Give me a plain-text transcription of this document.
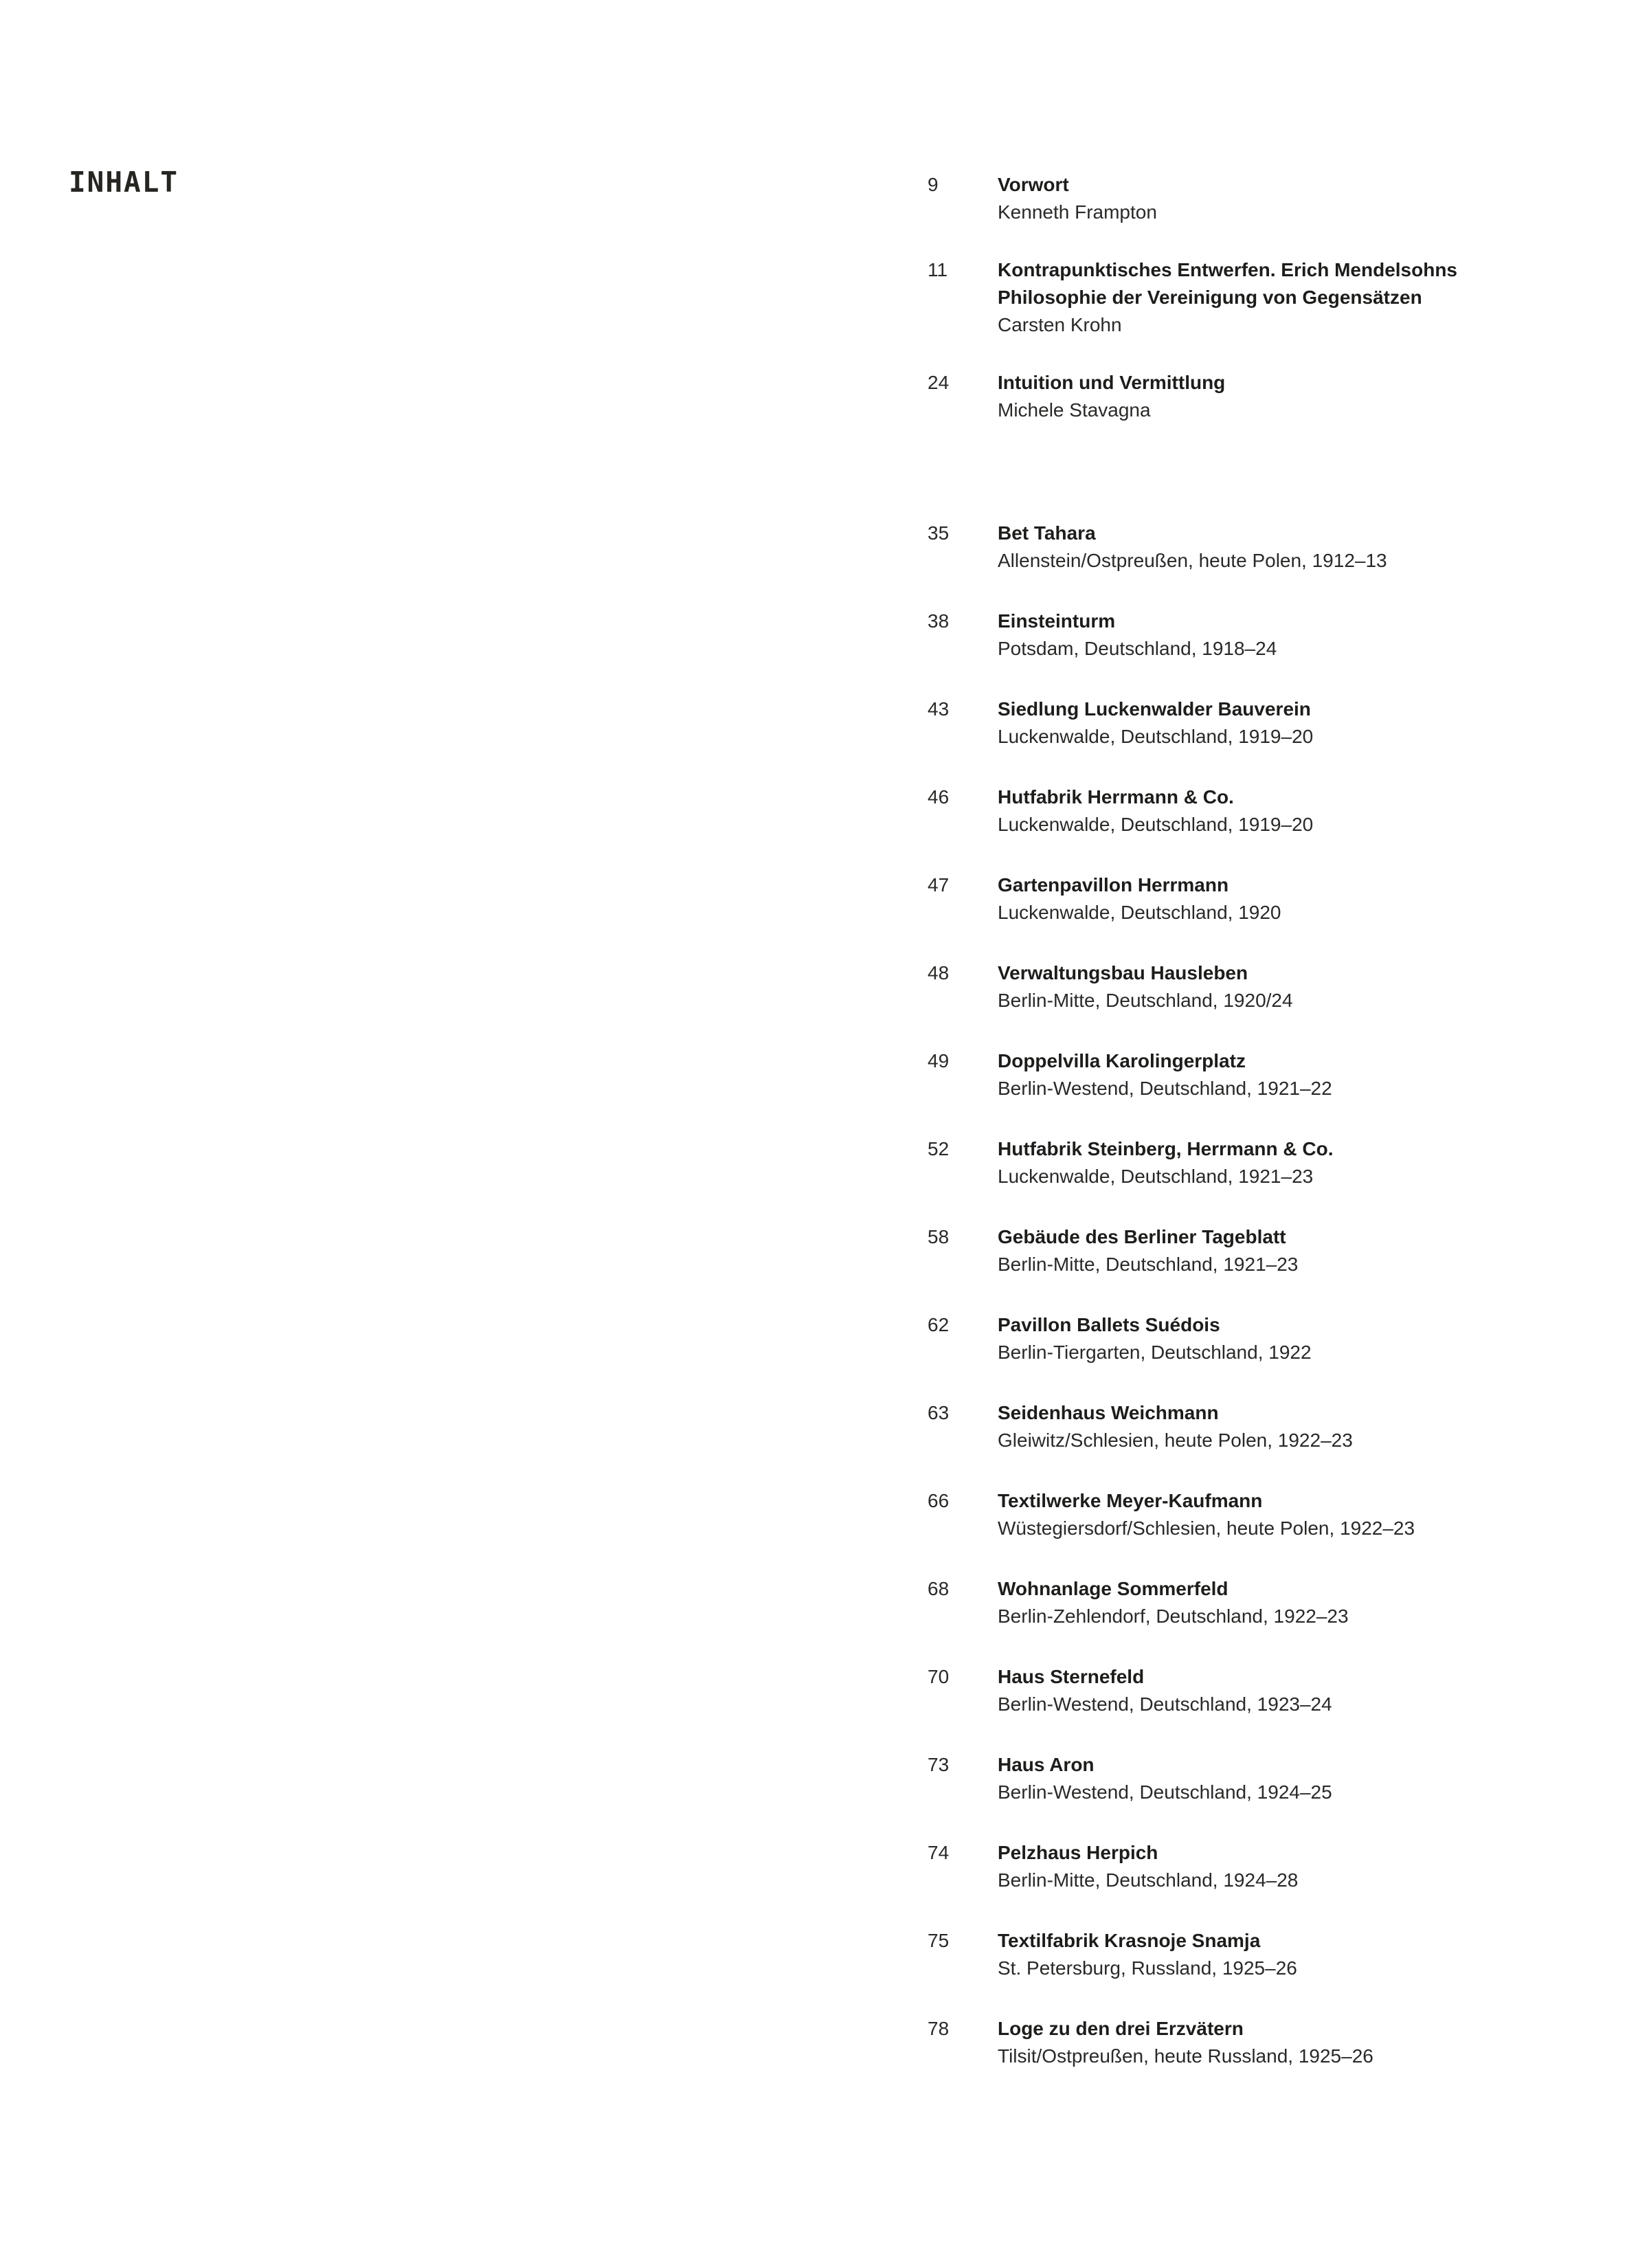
INHALT	9	Vorwort
Kenneth Frampton
11	Kontrapunktisches Entwerfen. Erich Mendelsohns
Philosophie der Vereinigung von Gegensätzen
Carsten Krohn
24	Intuition und Vermittlung
Michele Stavagna
35	Bet Tahara
Allenstein/Ostpreußen, heute Polen, 1912–13
38	Einsteinturm
Potsdam, Deutschland, 1918–24
43	Siedlung Luckenwalder Bauverein
Luckenwalde, Deutschland, 1919–20
46	Hutfabrik Herrmann & Co.
Luckenwalde, Deutschland, 1919–20
47	Gartenpavillon Herrmann
Luckenwalde, Deutschland, 1920
48	Verwaltungsbau Hausleben
Berlin-Mitte, Deutschland, 1920/24
49	Doppelvilla Karolingerplatz
Berlin-Westend, Deutschland, 1921–22
52	Hutfabrik Steinberg, Herrmann & Co.
Luckenwalde, Deutschland, 1921–23
58	Gebäude des Berliner Tageblatt
Berlin-Mitte, Deutschland, 1921–23
62	Pavillon Ballets Suédois
Berlin-Tiergarten, Deutschland, 1922
63	Seidenhaus Weichmann
Gleiwitz/Schlesien, heute Polen, 1922–23
66	Textilwerke Meyer-Kaufmann
Wüstegiersdorf/Schlesien, heute Polen, 1922–23
68	Wohnanlage Sommerfeld
Berlin-Zehlendorf, Deutschland, 1922–23
70	Haus Sternefeld
Berlin-Westend, Deutschland, 1923–24
73	Haus Aron
Berlin-Westend, Deutschland, 1924–25
74	Pelzhaus Herpich
Berlin-Mitte, Deutschland, 1924–28
75	Textilfabrik Krasnoje Snamja
St. Petersburg, Russland, 1925–26
78	Loge zu den drei Erzvätern
Tilsit/Ostpreußen, heute Russland, 1925–26
